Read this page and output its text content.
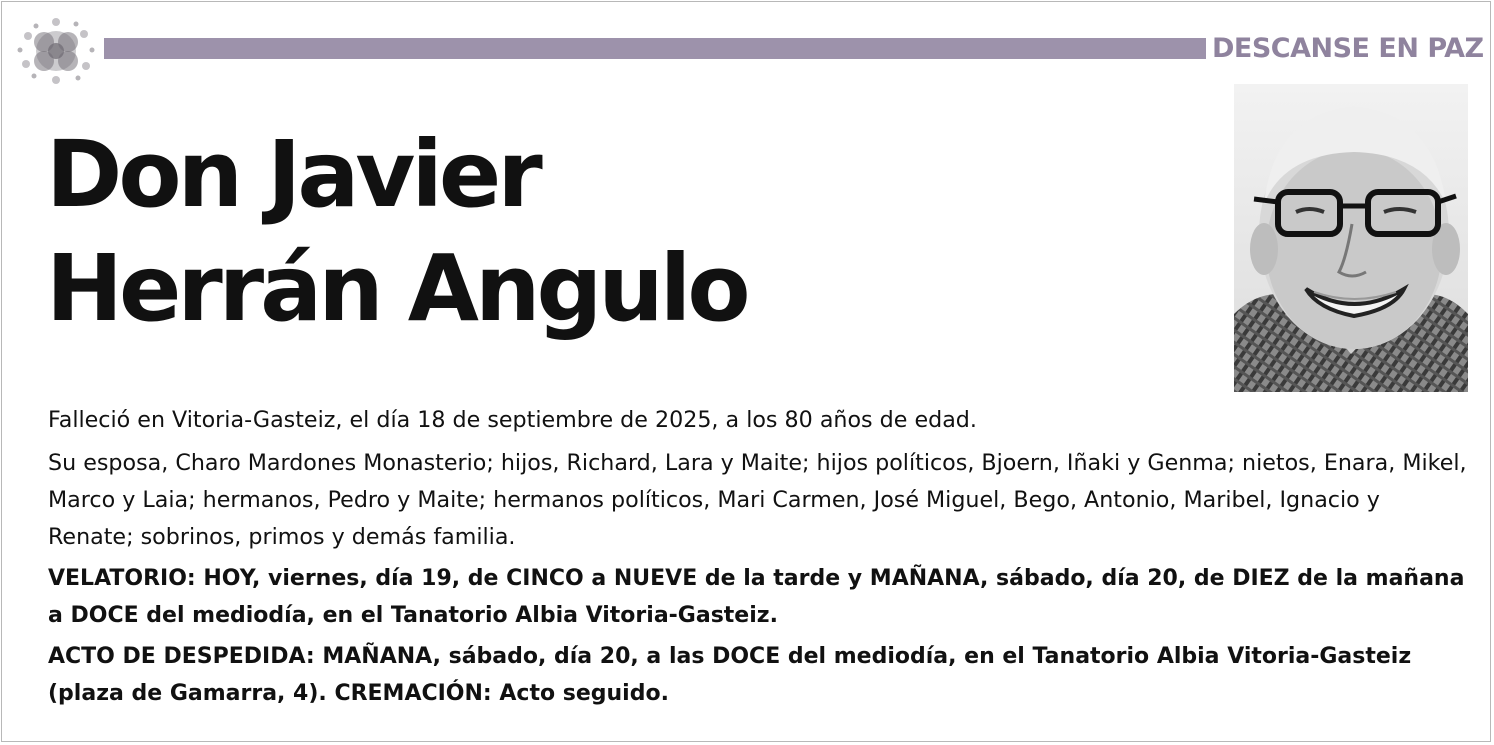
DESCANSE EN PAZ
Don Javier
Herrán Angulo

Falleció en Vitoria-Gasteiz, el día 18 de septiembre de 2025, a los 80 años de edad.

Su esposa, Charo Mardones Monasterio; hijos, Richard, Lara y Maite; hijos políticos, Bjoern, Iñaki y Genma; nietos, Enara, Mikel, Marco y Laia; hermanos, Pedro y Maite; hermanos políticos, Mari Carmen, José Miguel, Bego, Antonio, Maribel, Ignacio y Renate; sobrinos, primos y demás familia.

VELATORIO: HOY, viernes, día 19, de CINCO a NUEVE de la tarde y MAÑANA, sábado, día 20, de DIEZ de la mañana a DOCE del mediodía, en el Tanatorio Albia Vitoria-Gasteiz.

ACTO DE DESPEDIDA: MAÑANA, sábado, día 20, a las DOCE del mediodía, en el Tanatorio Albia Vitoria-Gasteiz (plaza de Gamarra, 4). CREMACIÓN: Acto seguido.
